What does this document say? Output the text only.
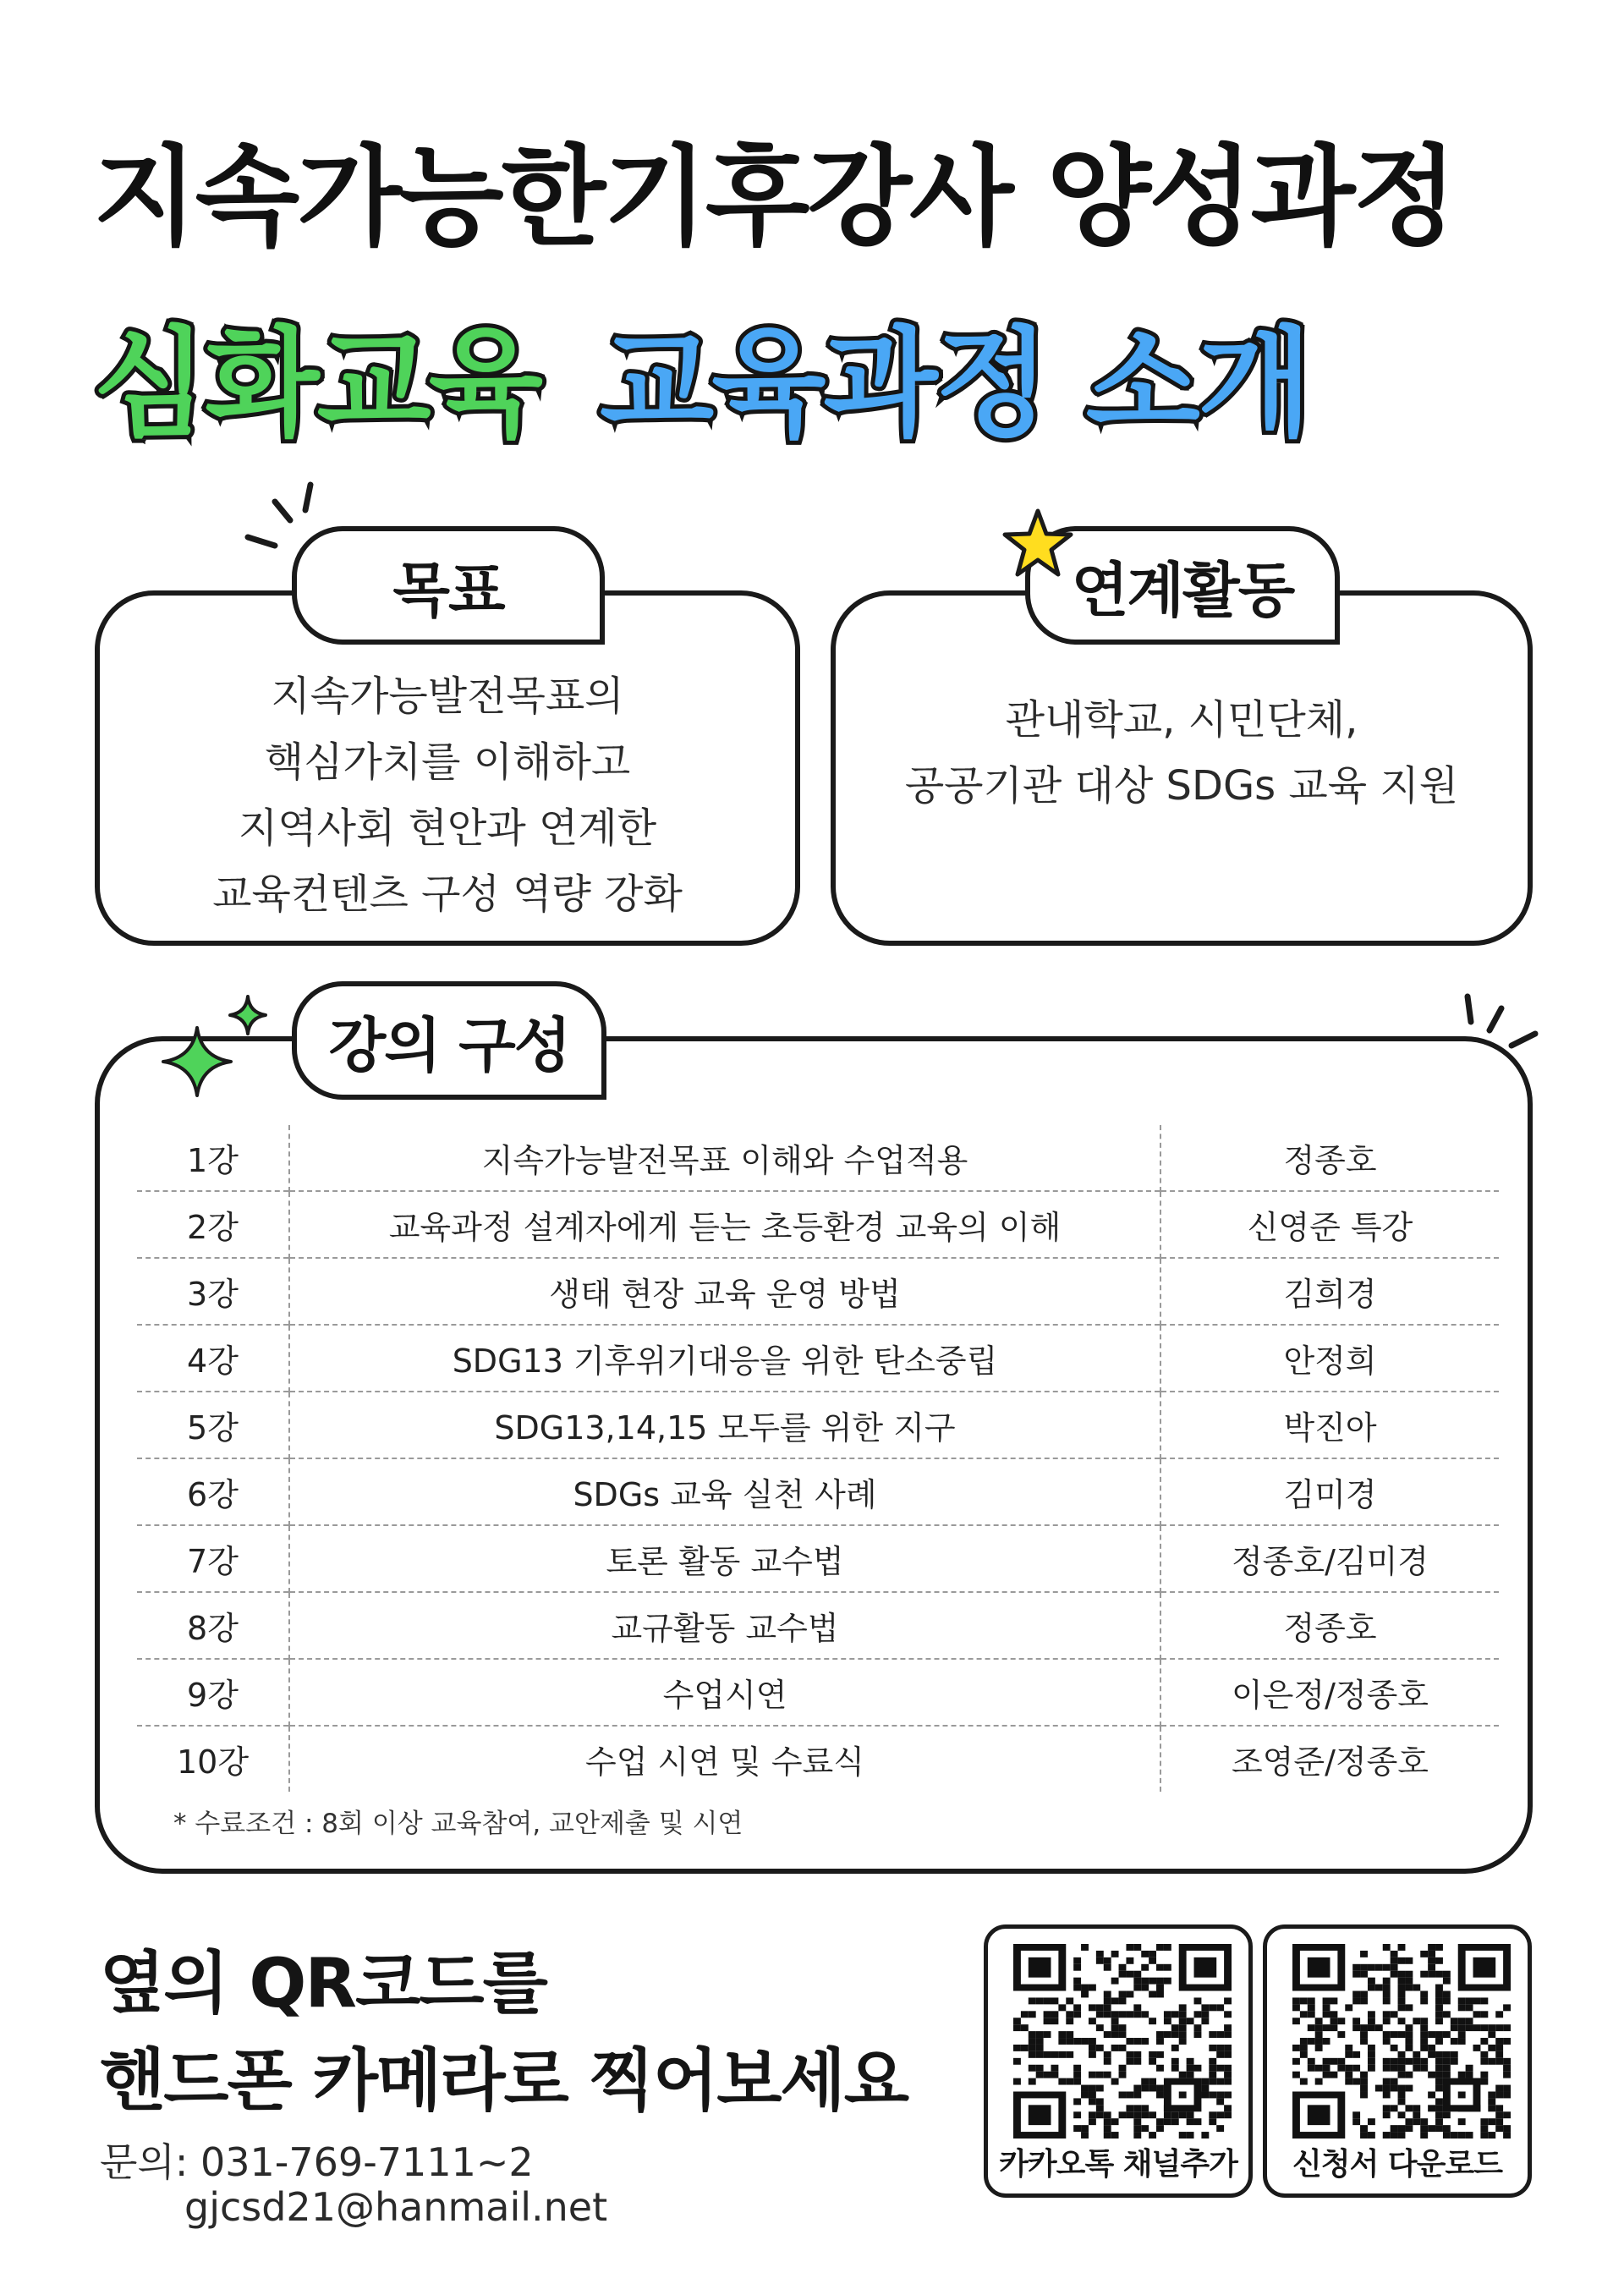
지속가능한기후강사 양성과정
심화교육 교육과정 소개
지속가능발전목표의
핵심가치를 이해하고
지역사회 현안과 연계한
교육컨텐츠 구성 역량 강화
목표
관내학교, 시민단체,
공공기관 대상 SDGs 교육 지원
연계활동
강의 구성
1강	지속가능발전목표 이해와 수업적용	정종호
2강	교육과정 설계자에게 듣는 초등환경 교육의 이해	신영준 특강
3강	생태 현장 교육 운영 방법	김희경
4강	SDG13 기후위기대응을 위한 탄소중립	안정희
5강	SDG13,14,15 모두를 위한 지구	박진아
6강	SDGs 교육 실천 사례	김미경
7강	토론 활동 교수법	정종호/김미경
8강	교규활동 교수법	정종호
9강	수업시연	이은정/정종호
10강	수업 시연 및 수료식	조영준/정종호
* 수료조건 : 8회 이상 교육참여, 교안제출 및 시연
옆의 QR코드를
핸드폰 카메라로 찍어보세요
문의: 031-769-7111~2
gjcsd21@hanmail.net
카카오톡 채널추가	신청서 다운로드
